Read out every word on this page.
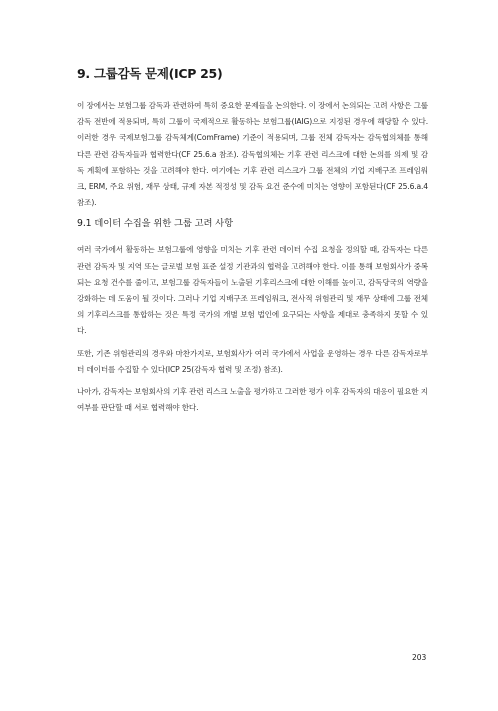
9. 그룹감독 문제(ICP 25)

이 장에서는 보험그룹 감독과 관련하여 특히 중요한 문제들을 논의한다. 이 장에서 논의되는 고려 사항은 그룹감독 전반에 적용되며, 특히 그룹이 국제적으로 활동하는 보험그룹(IAIG)으로 지정된 경우에 해당할 수 있다. 이러한 경우 국제보험그룹 감독체계(ComFrame) 기준이 적용되며, 그룹 전체 감독자는 감독협의체를 통해 다른 관련 감독자들과 협력한다(CF 25.6.a 참조). 감독협의체는 기후 관련 리스크에 대한 논의를 의제 및 감독 계획에 포함하는 것을 고려해야 한다. 여기에는 기후 관련 리스크가 그룹 전체의 기업 지배구조 프레임워크, ERM, 주요 위험, 재무 상태, 규제 자본 적정성 및 감독 요건 준수에 미치는 영향이 포함된다(CF 25.6.a.4 참조).

9.1 데이터 수집을 위한 그룹 고려 사항

여러 국가에서 활동하는 보험그룹에 영향을 미치는 기후 관련 데이터 수집 요청을 정의할 때, 감독자는 다른 관련 감독자 및 지역 또는 글로벌 보험 표준 설정 기관과의 협력을 고려해야 한다. 이를 통해 보험회사가 중복되는 요청 건수를 줄이고, 보험그룹 감독자들이 노출된 기후리스크에 대한 이해를 높이고, 감독당국의 역량을 강화하는 데 도움이 될 것이다. 그러나 기업 지배구조 프레임워크, 전사적 위험관리 및 재무 상태에 그룹 전체의 기후리스크를 통합하는 것은 특정 국가의 개별 보험 법인에 요구되는 사항을 제대로 충족하지 못할 수 있다.

또한, 기존 위험관리의 경우와 마찬가지로, 보험회사가 여러 국가에서 사업을 운영하는 경우 다른 감독자로부터 데이터를 수집할 수 있다(ICP 25(감독자 협력 및 조정) 참조).

나아가, 감독자는 보험회사의 기후 관련 리스크 노출을 평가하고 그러한 평가 이후 감독자의 대응이 필요한 지 여부를 판단할 때 서로 협력해야 한다.

203
